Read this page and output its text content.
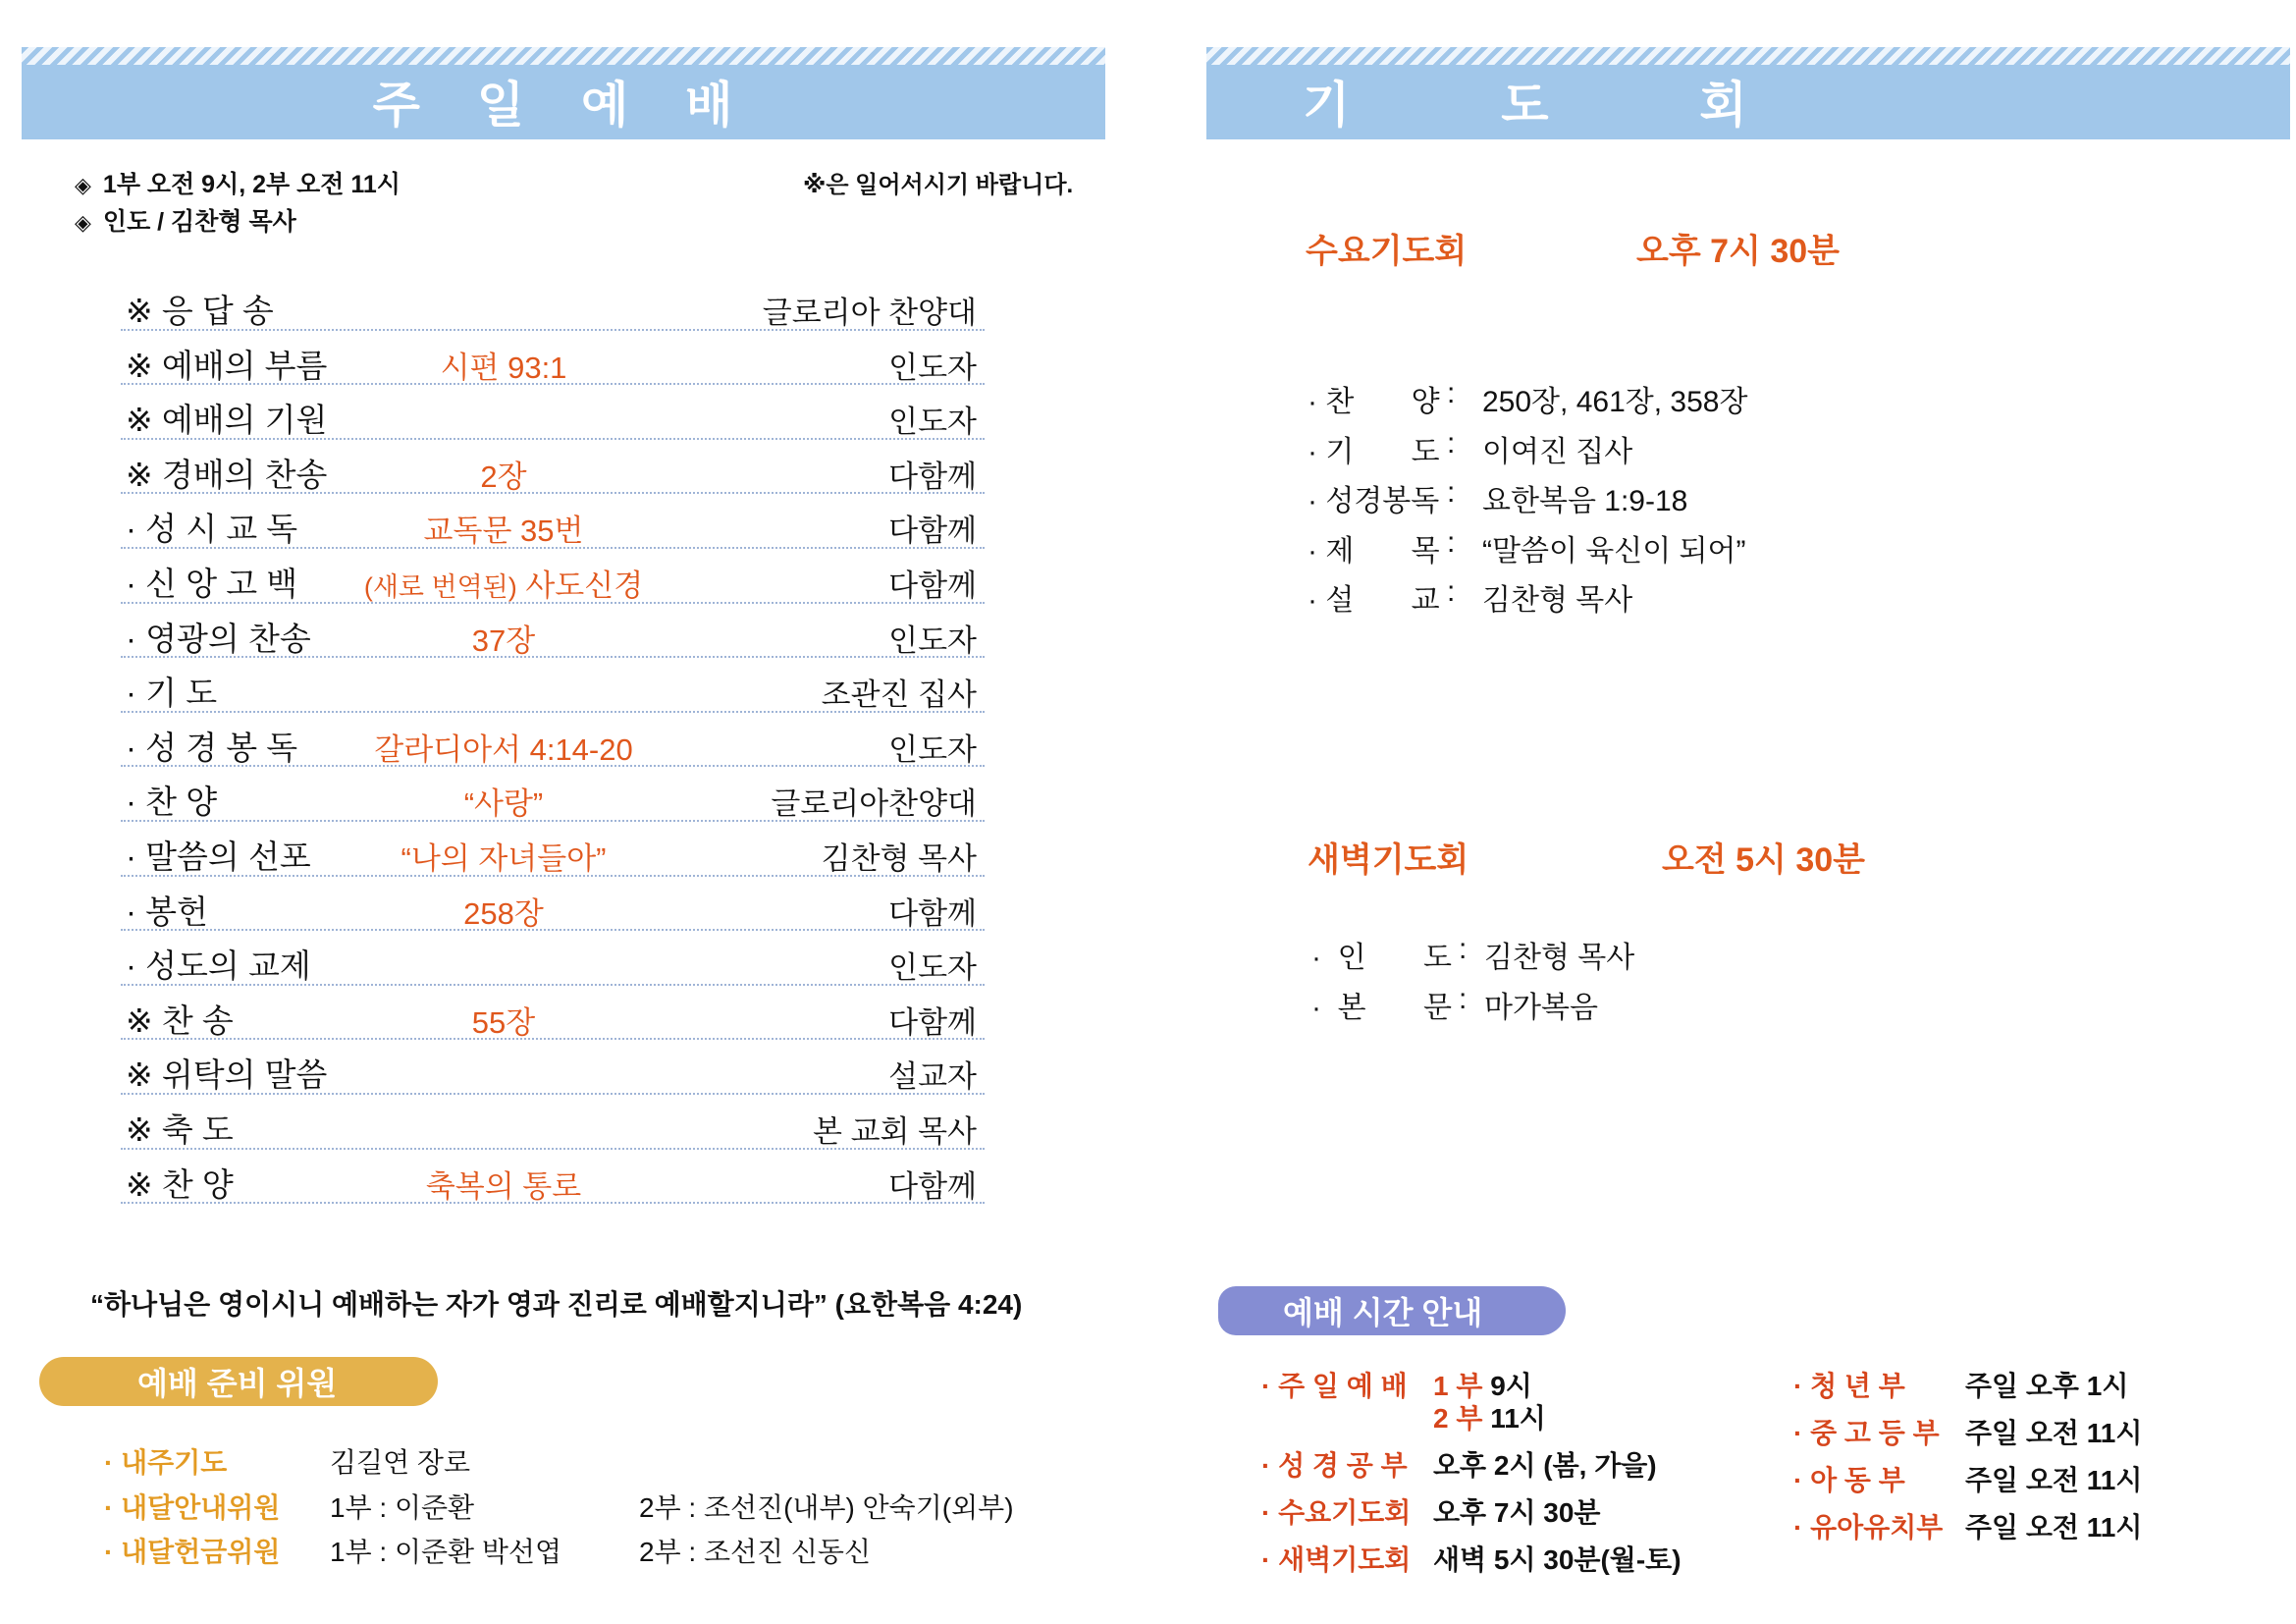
주 일 예 배
◈ 1부 오전 9시, 2부 오전 11시	※은 일어서시기 바랍니다.
◈ 인도 / 김찬형 목사
※ 응 답 송	글로리아 찬양대
※ 예배의 부름	시편 93:1	인도자
※ 예배의 기원	인도자
※ 경배의 찬송	2장	다함께
· 성 시 교 독	교독문 35번	다함께
· 신 앙 고 백	(새로 번역된) 사도신경	다함께
· 영광의 찬송	37장	인도자
· 기 도	조관진 집사
· 성 경 봉 독	갈라디아서 4:14-20	인도자
· 찬 양	“사랑”	글로리아찬양대
· 말씀의 선포	“나의 자녀들아”	김찬형 목사
· 봉헌	258장	다함께
· 성도의 교제	인도자
※ 찬 송	55장	다함께
※ 위탁의 말씀	설교자
※ 축 도	본 교회 목사
※ 찬 양	축복의 통로	다함께
“하나님은 영이시니 예배하는 자가 영과 진리로 예배할지니라” (요한복음 4:24)
예배 준비 위원
· 내주기도	김길연 장로
· 내달안내위원 1부 : 이준환	2부 : 조선진(내부) 안숙기(외부)
· 내달헌금위원 1부 : 이준환 박선엽	2부 : 조선진 신동신
기 도 회
수요기도회	오후 7시 30분
· 찬       양 : 250장, 461장, 358장
· 기       도 : 이여진 집사
· 성경봉독 : 요한복음 1:9-18
· 제       목 : “말씀이 육신이 되어”
· 설       교 : 김찬형 목사
새벽기도회	오전 5시 30분
·  인       도 : 김찬형 목사
·  본       문 : 마가복음
예배 시간 안내
· 주 일 예 배 1 부 9시
2 부 11시
· 성 경 공 부 오후 2시 (봄, 가을)
· 수요기도회 오후 7시 30분
· 새벽기도회 새벽 5시 30분(월-토)
· 청 년 부 주일 오후 1시
· 중 고 등 부 주일 오전 11시
· 아 동 부 주일 오전 11시
· 유아유치부 주일 오전 11시
